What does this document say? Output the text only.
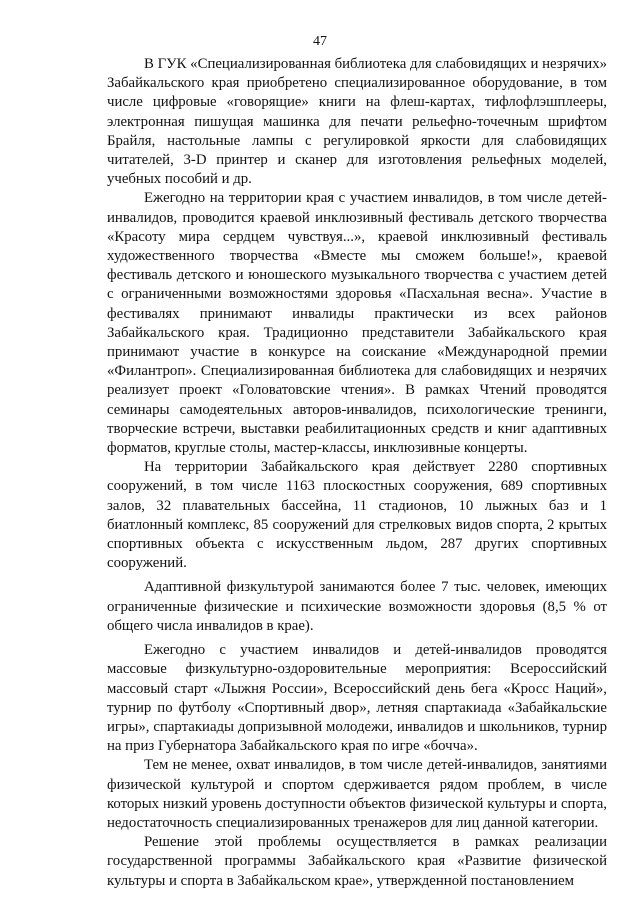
47

В ГУК «Специализированная библиотека для слабовидящих и незрячих» Забайкальского края приобретено специализированное оборудование, в том числе цифровые «говорящие» книги на флеш-картах, тифлофлэшплееры, электронная пишущая машинка для печати рельефно-точечным шрифтом Брайля, настольные лампы с регулировкой яркости для слабовидящих читателей, 3-D принтер и сканер для изготовления рельефных моделей, учебных пособий и др.

Ежегодно на территории края с участием инвалидов, в том числе детей-инвалидов, проводится краевой инклюзивный фестиваль детского творчества «Красоту мира сердцем чувствуя...», краевой инклюзивный фестиваль художественного творчества «Вместе мы сможем больше!», краевой фестиваль детского и юношеского музыкального творчества с участием детей с ограниченными возможностями здоровья «Пасхальная весна». Участие в фестивалях принимают инвалиды практически из всех районов Забайкальского края. Традиционно представители Забайкальского края принимают участие в конкурсе на соискание «Международной премии «Филантроп». Специализированная библиотека для слабовидящих и незрячих реализует проект «Головатовские чтения». В рамках Чтений проводятся семинары самодеятельных авторов-инвалидов, психологические тренинги, творческие встречи, выставки реабилитационных средств и книг адаптивных форматов, круглые столы, мастер-классы, инклюзивные концерты.

На территории Забайкальского края действует 2280 спортивных сооружений, в том числе 1163 плоскостных сооружения, 689 спортивных залов, 32 плавательных бассейна, 11 стадионов, 10 лыжных баз и 1 биатлонный комплекс, 85 сооружений для стрелковых видов спорта, 2 крытых спортивных объекта с искусственным льдом, 287 других спортивных сооружений.

Адаптивной физкультурой занимаются более 7 тыс. человек, имеющих ограниченные физические и психические возможности здоровья (8,5 % от общего числа инвалидов в крае).

Ежегодно с участием инвалидов и детей-инвалидов проводятся массовые физкультурно-оздоровительные мероприятия: Всероссийский массовый старт «Лыжня России», Всероссийский день бега «Кросс Наций», турнир по футболу «Спортивный двор», летняя спартакиада «Забайкальские игры», спартакиады допризывной молодежи, инвалидов и школьников, турнир на приз Губернатора Забайкальского края по игре «бочча».

Тем не менее, охват инвалидов, в том числе детей-инвалидов, занятиями физической культурой и спортом сдерживается рядом проблем, в числе которых низкий уровень доступности объектов физической культуры и спорта, недостаточность специализированных тренажеров для лиц данной категории.

Решение этой проблемы осуществляется в рамках реализации государственной программы Забайкальского края «Развитие физической культуры и спорта в Забайкальском крае», утвержденной постановлением
